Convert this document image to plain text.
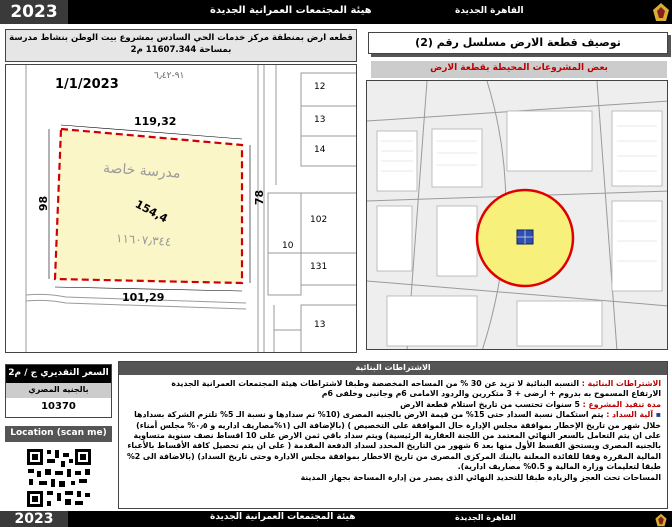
2023	القاهرة الجديدة
هيئة المجتمعات العمرانية الجديدة
قطعه ارض بمنطقة مركز خدمات الحي السادس بمشروع بيت الوطن بنشاط مدرسة
بمساحة 11607.344 م2
1/1/2023
٩١-٦٫٤٢
119,32
98	78
101,29
مدرسة خاصة
154,4
١١٦٠٧٫٣٤٤
12
13
14
102
10
131
13
توصيف قطعة الارض مسلسل رقم (2)
بعض المشروعات المحيطة بقطعة الارض
السعر التقديري ج / م2
بالجنيه المصري
10370
Location (scan me)
الاشتراطات البنائية
الاشتراطات البنائية : النسبه البنائية لا تزيد عن 30 % من المساحه المخصصة وطبقا لاشتراطات هيئة المجتمعات العمرانية الجديدة
الارتفاع المسموح به بدروم + ارضى + 3 متكررين والردود الامامى 6م وجانبى وخلفى 6م
مدة تنفيذ المشروع : 5 سنوات تحتسب من تاريخ استلام قطعة الارض
▪ آلية السداد : يتم استكمال نسبة السداد حتى 15% من قيمة الارض بالجنيه المصرى (10% تم سدادها و نسبة الـ 5% تلتزم الشركة بسدادها خلال شهر من تاريخ الإخطار بموافقة مجلس الإدارة حال الموافقة على التخصيص ) (بالإضافة الى (١%مصاريف اداريه و ٠٫٥% مجلس أمناء) على ان يتم التعامل بالسعر النهائي المعتمد من اللجنة العقارية الرئيسية) ويتم سداد باقي ثمن الارض على 10 اقساط نصف سنوية متساوية بالجنيه المصرى ويستحق القسط الأول منها بعد 6 شهور من التاريخ المحدد لسداد الدفعة المقدمة ( على ان يتم تحصيل كافة الأقساط بالأعباء المالية المقررة وفقا للفائدة المعلنة بالبنك المركزى المصرى من تاريخ الاخطار بموافقة مجلس الادارة وحتى تاريخ السداد) (بالاضافة الى 2% طبقا لتعليمات وزارة المالية و 0.5% مصاريف ادارية).
المساحات تحت العجز والزيادة طبقا للتحديد النهائي الذى يصدر من إدارة المساحة بجهاز المدينة
2023	القاهرة الجديدة
هيئة المجتمعات العمرانية الجديدة
